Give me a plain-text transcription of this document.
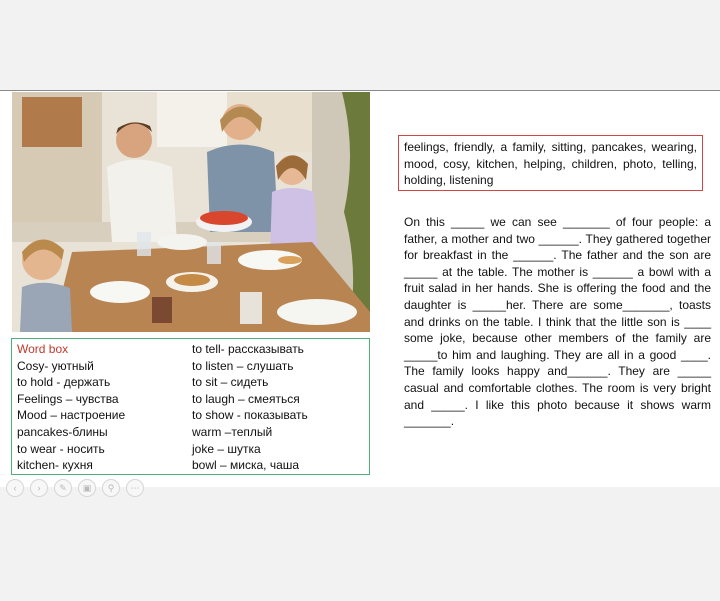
Word box
Cosy- уютный
to hold - держать
Feelings – чувства
Mood – настроение
pancakes-блины
to wear - носить
kitchen- кухня
to tell- рассказывать
to listen – слушать
to sit – сидеть
to laugh – смеяться
to show - показывать
warm –теплый
joke – шутка
bowl – миска, чаша
feelings, friendly, a family, sitting, pancakes, wearing, mood, cosy, kitchen, helping, children, photo, telling, holding, listening
On this _____ we can see _______ of four people: a father, a mother and two ______. They gathered together for breakfast in the ______. The father and the son are _____ at the table. The mother is ______ a bowl with a fruit salad in her hands. She is offering the food and the daughter is _____her. There are some_______, toasts and drinks on the table. I think that the little son is ____ some joke, because other members of the family are _____to him and laughing. They are all in a good ____. The family looks happy and______. They are _____ casual and comfortable clothes. The room is very bright and _____. I like this photo because it shows warm _______.
‹	›	✎	▣	⚲	⋯
